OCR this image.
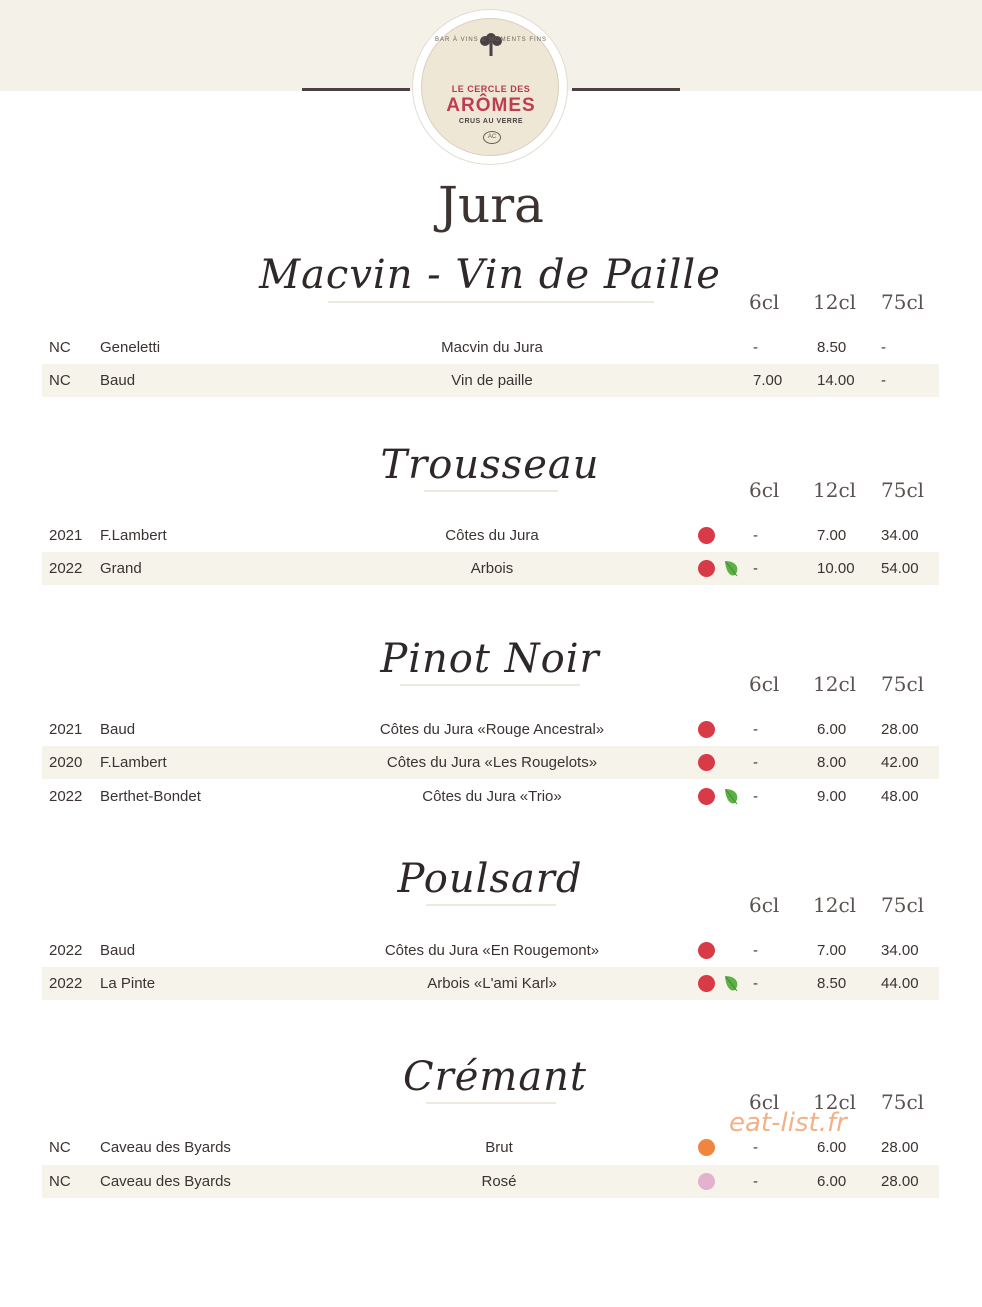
BAR À VINS & MOMENTS FINS
LE CERCLE DES
ARÔMES
CRUS AU VERRE
AC
Jura
Macvin - Vin de Paille
6cl 12cl 75cl
NC Geneletti	Macvin du Jura	-	8.50 -
NC Baud	Vin de paille	7.00 14.00 -
Trousseau
6cl 12cl 75cl
2021 F.Lambert	Côtes du Jura	-	7.00 34.00
2022 Grand	Arbois	-	10.00 54.00
Pinot Noir
6cl 12cl 75cl
2021 Baud	Côtes du Jura «Rouge Ancestral»	-	6.00 28.00
2020 F.Lambert	Côtes du Jura «Les Rougelots»	-	8.00 42.00
2022 Berthet-Bondet	Côtes du Jura «Trio»	-	9.00 48.00
Poulsard
6cl 12cl 75cl
2022 Baud	Côtes du Jura «En Rougemont»	-	7.00 34.00
2022 La Pinte	Arbois «L'ami Karl»	-	8.50 44.00
Crémant
6cl 12cl 75cl
NC Caveau des Byards	Brut	-	6.00 28.00
NC Caveau des Byards	Rosé	-	6.00 28.00
eat-list.fr
